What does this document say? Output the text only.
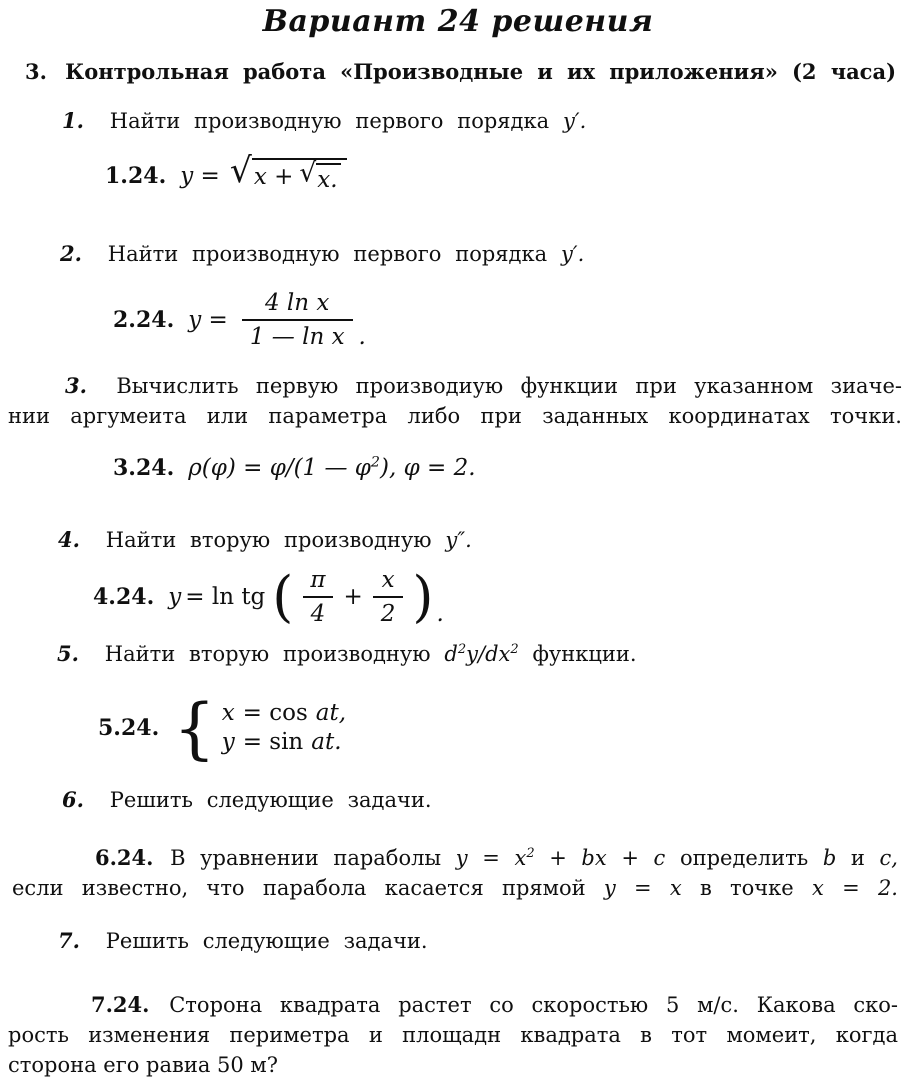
Вариант 24 решения
3. Контрольная работа «Производные и их приложения» (2 часа)
1. Найти производную первого порядка y′.
1.24. y = √ x + √ x.
2. Найти производную первого порядка y′.
2.24. $y = \frac{\text{4 ln x}}{\text{1 — ln x}}$ .
3. Вычислить первую производиую функции при указанном зиаче-
нии аргумеита или параметра либо при заданных координатах точки.
3.24. ρ(φ) = φ/(1 — $\varphi^2$), φ = 2.
4. Найти вторую производную y″.
4.24. y = ln tg ( $\frac{\pi}{4} + \frac{x}{2}$ ) .
5. Найти вторую производную $d^2y/dx^2$ функции.
5.24. { x = cos at,
y = sin at.
6. Решить следующие задачи.
6.24. В уравнении параболы $y = x^2$ + bx + c определить b и c,
если известно, что парабола касается прямой y = x в точке x = 2.
7. Решить следующие задачи.
7.24. Сторона квадрата растет со скоростью 5 м/с. Какова ско-
рость изменения периметра и площадн квадрата в тот момеит, когда
сторона его равиа 50 м?
